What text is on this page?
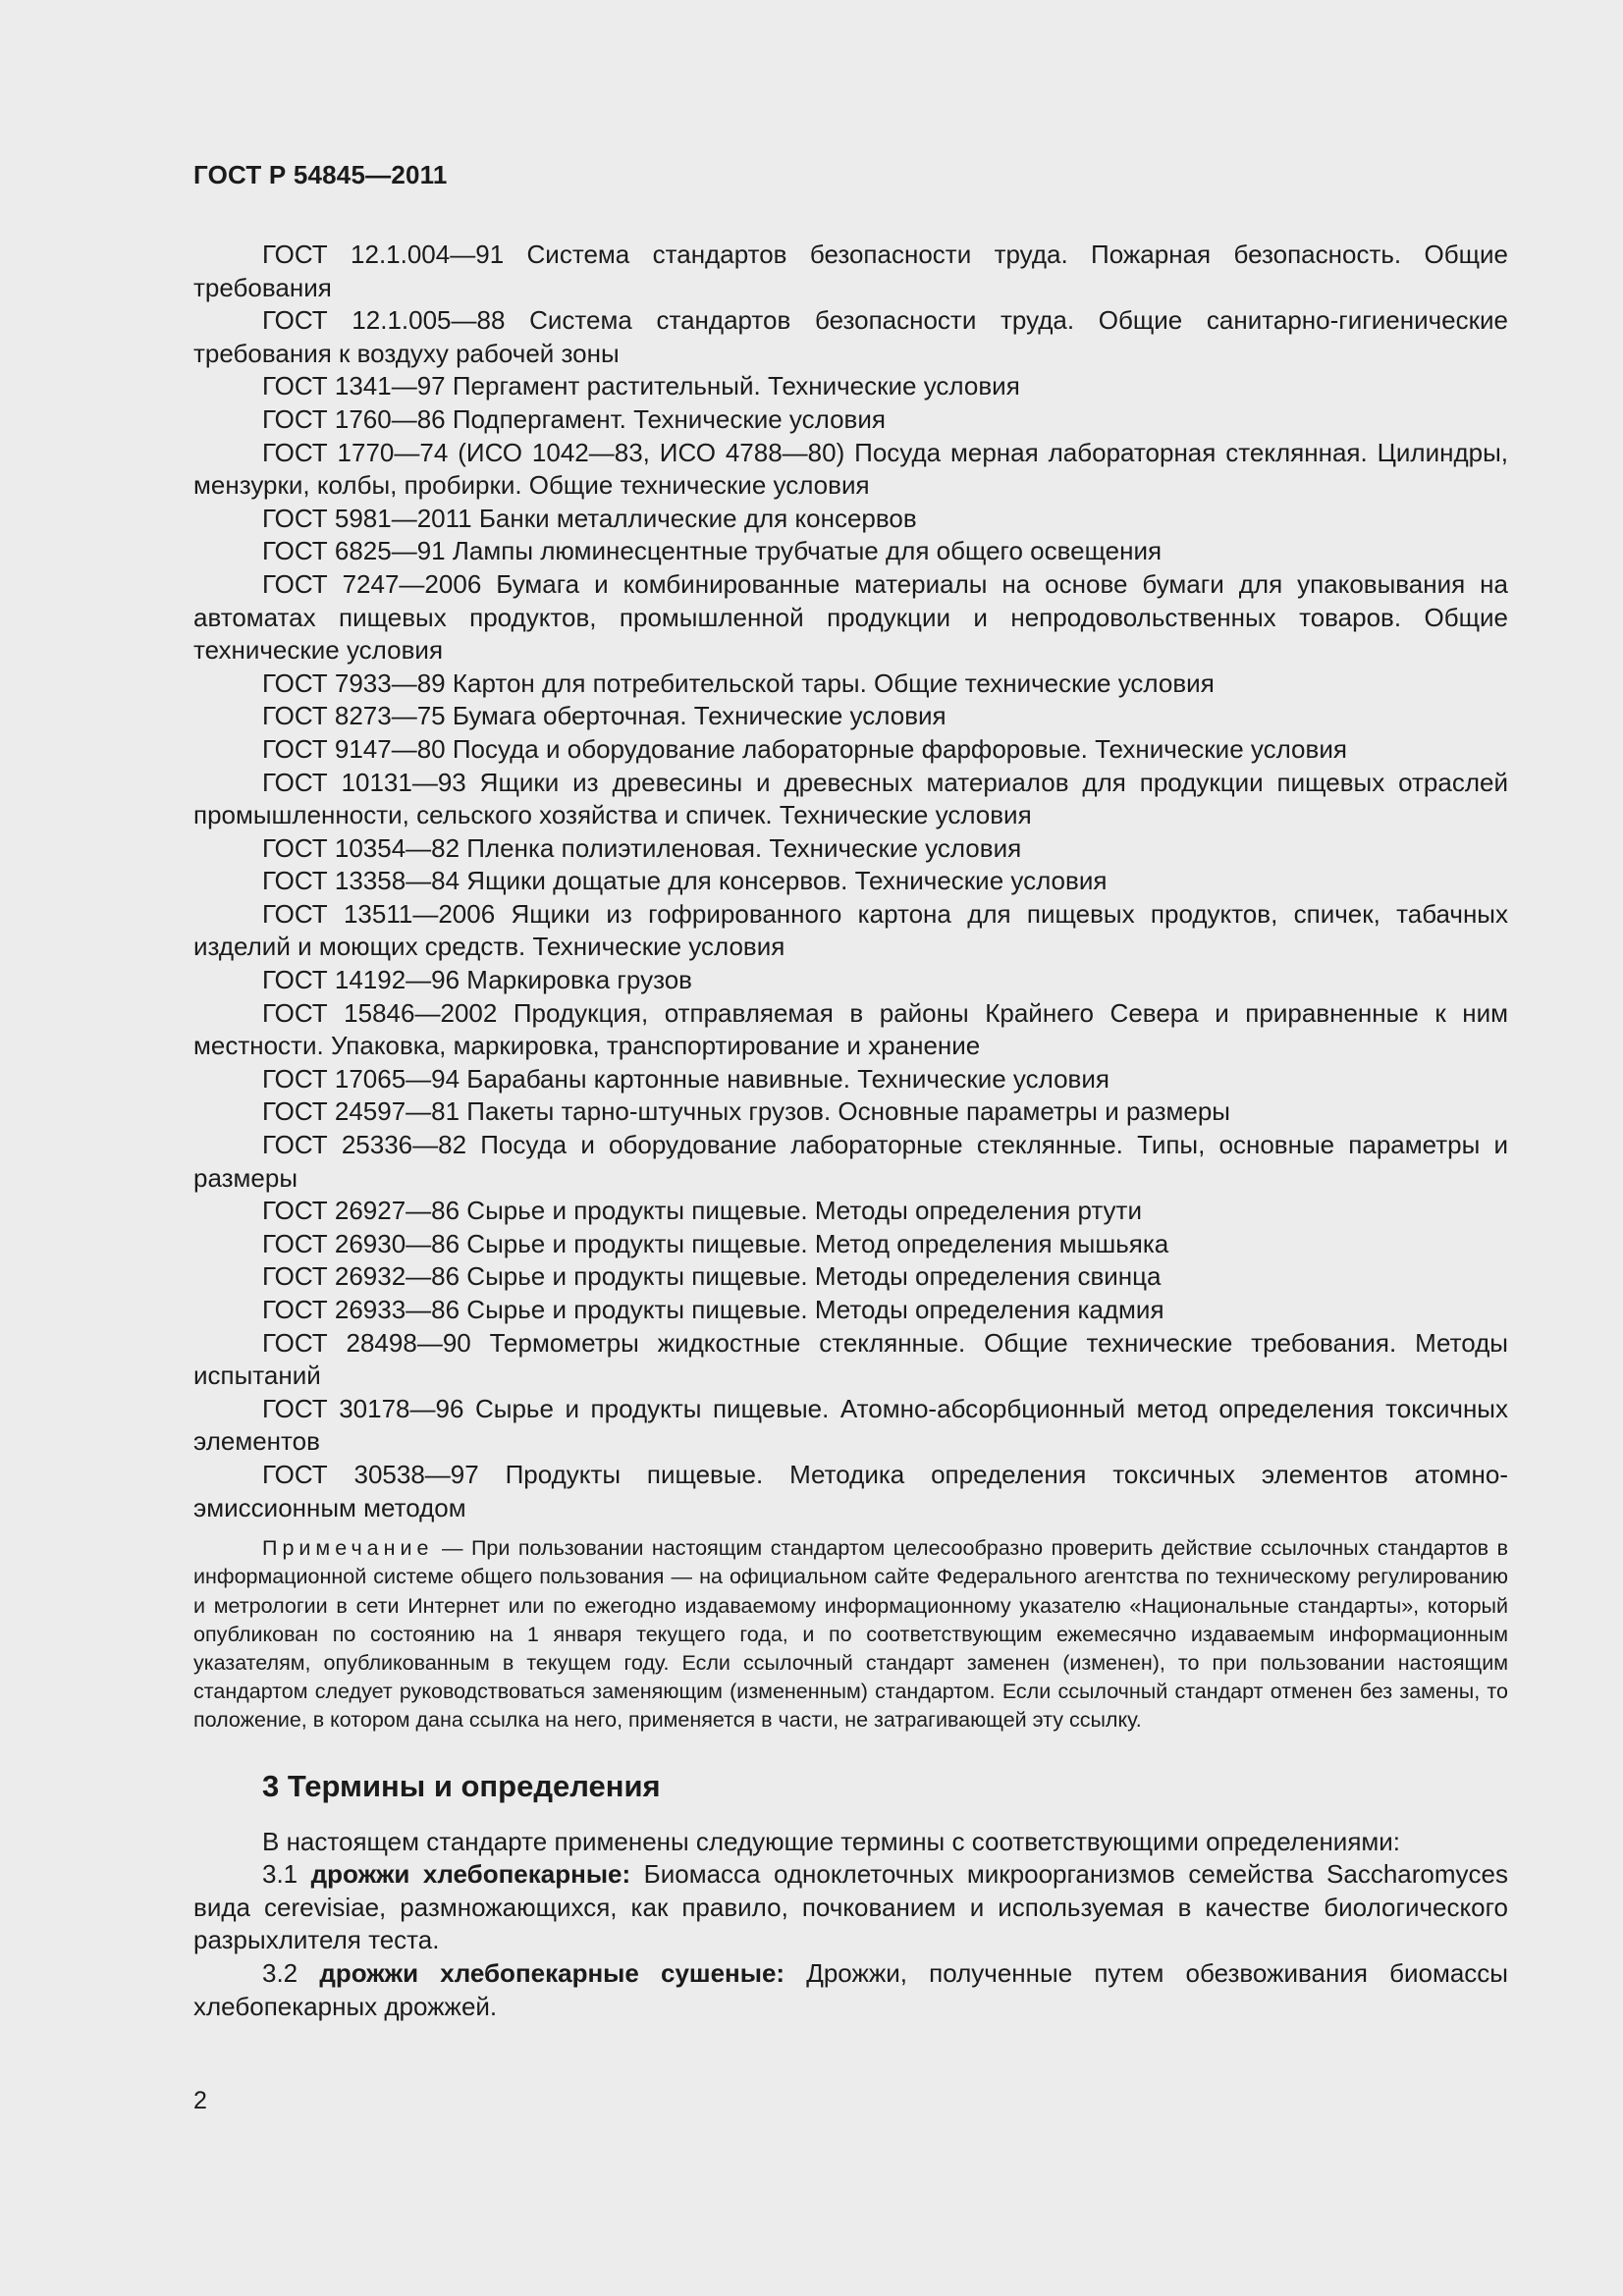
ГОСТ Р 54845—2011

ГОСТ 12.1.004—91 Система стандартов безопасности труда. Пожарная безопасность. Общие требования

ГОСТ 12.1.005—88 Система стандартов безопасности труда. Общие санитарно-гигиенические требования к воздуху рабочей зоны

ГОСТ 1341—97 Пергамент растительный. Технические условия

ГОСТ 1760—86 Подпергамент. Технические условия

ГОСТ 1770—74 (ИСО 1042—83, ИСО 4788—80) Посуда мерная лабораторная стеклянная. Цилиндры, мензурки, колбы, пробирки. Общие технические условия

ГОСТ 5981—2011 Банки металлические для консервов

ГОСТ 6825—91 Лампы люминесцентные трубчатые для общего освещения

ГОСТ 7247—2006 Бумага и комбинированные материалы на основе бумаги для упаковывания на автоматах пищевых продуктов, промышленной продукции и непродовольственных товаров. Общие технические условия

ГОСТ 7933—89 Картон для потребительской тары. Общие технические условия

ГОСТ 8273—75 Бумага оберточная. Технические условия

ГОСТ 9147—80 Посуда и оборудование лабораторные фарфоровые. Технические условия

ГОСТ 10131—93 Ящики из древесины и древесных материалов для продукции пищевых отраслей промышленности, сельского хозяйства и спичек. Технические условия

ГОСТ 10354—82 Пленка полиэтиленовая. Технические условия

ГОСТ 13358—84 Ящики дощатые для консервов. Технические условия

ГОСТ 13511—2006 Ящики из гофрированного картона для пищевых продуктов, спичек, табачных изделий и моющих средств. Технические условия

ГОСТ 14192—96 Маркировка грузов

ГОСТ 15846—2002 Продукция, отправляемая в районы Крайнего Севера и приравненные к ним местности. Упаковка, маркировка, транспортирование и хранение

ГОСТ 17065—94 Барабаны картонные навивные. Технические условия

ГОСТ 24597—81 Пакеты тарно-штучных грузов. Основные параметры и размеры

ГОСТ 25336—82 Посуда и оборудование лабораторные стеклянные. Типы, основные параметры и размеры

ГОСТ 26927—86 Сырье и продукты пищевые. Методы определения ртути

ГОСТ 26930—86 Сырье и продукты пищевые. Метод определения мышьяка

ГОСТ 26932—86 Сырье и продукты пищевые. Методы определения свинца

ГОСТ 26933—86 Сырье и продукты пищевые. Методы определения кадмия

ГОСТ 28498—90 Термометры жидкостные стеклянные. Общие технические требования. Методы испытаний

ГОСТ 30178—96 Сырье и продукты пищевые. Атомно-абсорбционный метод определения токсичных элементов

ГОСТ 30538—97 Продукты пищевые. Методика определения токсичных элементов атомно-эмиссионным методом

Примечание — При пользовании настоящим стандартом целесообразно проверить действие ссылочных стандартов в информационной системе общего пользования — на официальном сайте Федерального агентства по техническому регулированию и метрологии в сети Интернет или по ежегодно издаваемому информационному указателю «Национальные стандарты», который опубликован по состоянию на 1 января текущего года, и по соответствующим ежемесячно издаваемым информационным указателям, опубликованным в текущем году. Если ссылочный стандарт заменен (изменен), то при пользовании настоящим стандартом следует руководствоваться заменяющим (измененным) стандартом. Если ссылочный стандарт отменен без замены, то положение, в котором дана ссылка на него, применяется в части, не затрагивающей эту ссылку.

3 Термины и определения

В настоящем стандарте применены следующие термины с соответствующими определениями:

3.1 дрожжи хлебопекарные: Биомасса одноклеточных микроорганизмов семейства Saccharomyces вида cerevisiae, размножающихся, как правило, почкованием и используемая в качестве биологического разрыхлителя теста.

3.2 дрожжи хлебопекарные сушеные: Дрожжи, полученные путем обезвоживания биомассы хлебопекарных дрожжей.

2
